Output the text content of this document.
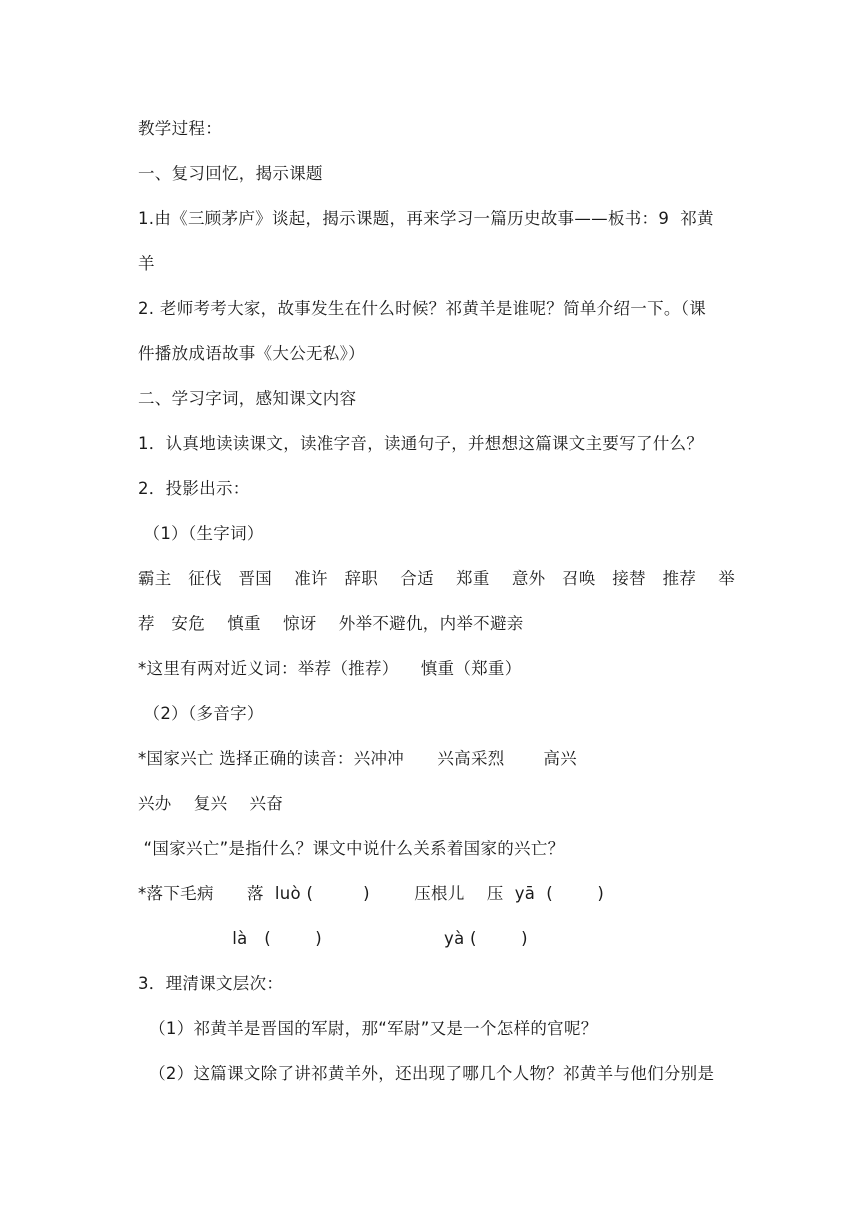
教学过程：
一、复习回忆，揭示课题
1.由《三顾茅庐》谈起，揭示课题，再来学习一篇历史故事——板书：9  祁黄
羊
2. 老师考考大家，故事发生在什么时候？祁黄羊是谁呢？简单介绍一下。（课
件播放成语故事《大公无私》）
二、学习字词，感知课文内容
1．认真地读读课文，读准字音，读通句子，并想想这篇课文主要写了什么？
2．投影出示：
（1）（生字词）
霸主   征伐   晋国    准许   辞职    合适    郑重    意外   召唤   接替   推荐    举
荐   安危    慎重    惊讶    外举不避仇，内举不避亲
*这里有两对近义词：举荐（推荐）    慎重（郑重）
（2）（多音字）
*国家兴亡 选择正确的读音：兴冲冲      兴高采烈       高兴
兴办    复兴    兴奋
“国家兴亡”是指什么？课文中说什么关系着国家的兴亡？
*落下毛病      落  luò (         )        压根儿    压  yā  (        )
là   (        )                      yà (        )
3．理清课文层次：
（1）祁黄羊是晋国的军尉，那“军尉”又是一个怎样的官呢？
（2）这篇课文除了讲祁黄羊外，还出现了哪几个人物？祁黄羊与他们分别是
